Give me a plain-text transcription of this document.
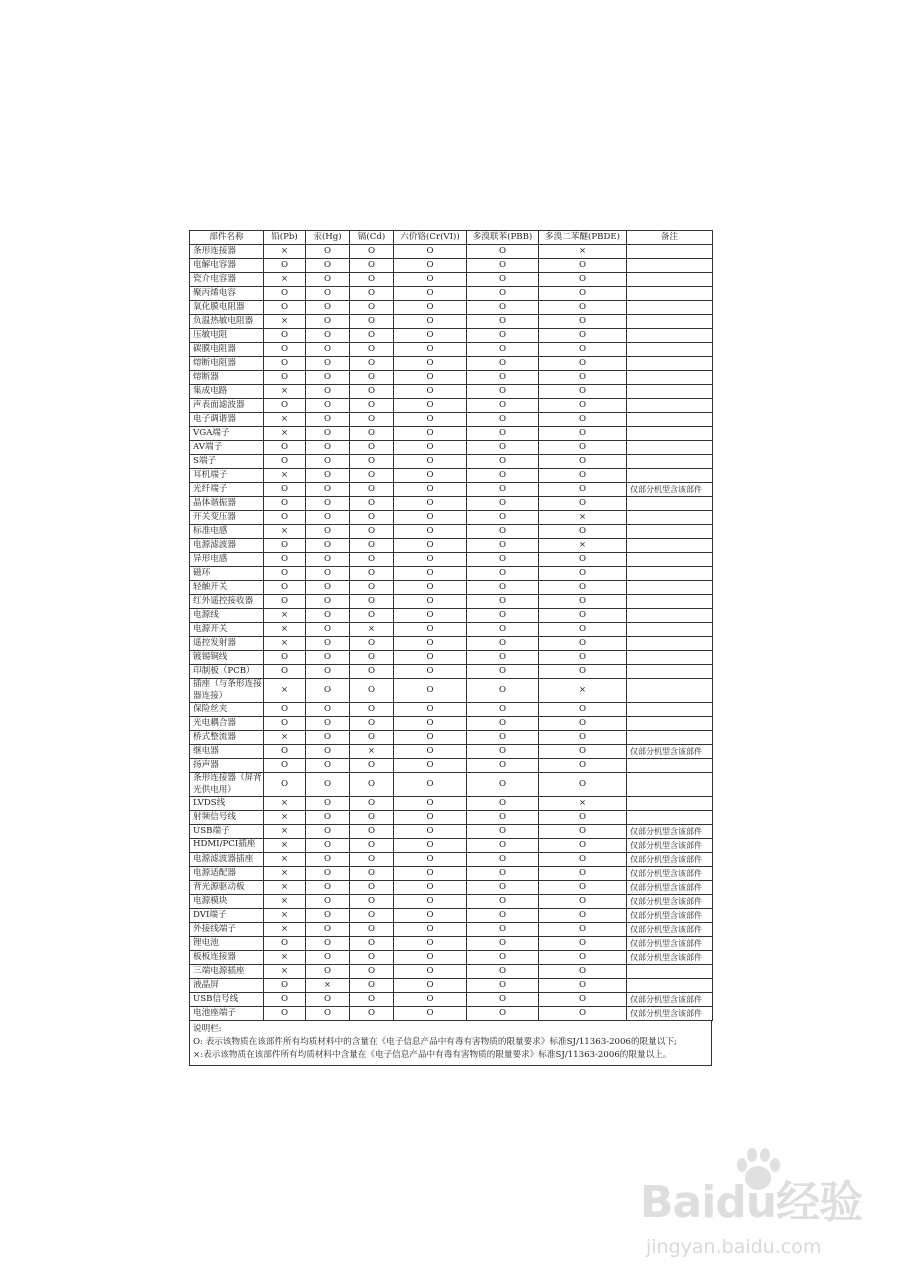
部件名称	铅(Pb)	汞(Hg)	镉(Cd)	六价铬(Cr(VI))	多溴联苯(PBB)	多溴二苯醚(PBDE)	备注
条形连接器	×	O	O	O	O	×	
电解电容器	O	O	O	O	O	O	
瓷介电容器	×	O	O	O	O	O	
聚丙烯电容	O	O	O	O	O	O	
氧化膜电阻器	O	O	O	O	O	O	
负温热敏电阻器	×	O	O	O	O	O	
压敏电阻	O	O	O	O	O	O	
碳膜电阻器	O	O	O	O	O	O	
熔断电阻器	O	O	O	O	O	O	
熔断器	O	O	O	O	O	O	
集成电路	×	O	O	O	O	O	
声表面滤波器	O	O	O	O	O	O	
电子调谐器	×	O	O	O	O	O	
VGA端子	×	O	O	O	O	O	
AV端子	O	O	O	O	O	O	
S端子	O	O	O	O	O	O	
耳机端子	×	O	O	O	O	O	
光纤端子	O	O	O	O	O	O	仅部分机型含该部件
晶体谐振器	O	O	O	O	O	O	
开关变压器	O	O	O	O	O	×	
标准电感	×	O	O	O	O	O	
电源滤波器	O	O	O	O	O	×	
异形电感	O	O	O	O	O	O	
磁环	O	O	O	O	O	O	
轻触开关	O	O	O	O	O	O	
红外遥控接收器	O	O	O	O	O	O	
电源线	×	O	O	O	O	O	
电源开关	×	O	×	O	O	O	
遥控发射器	×	O	O	O	O	O	
镀锡铜线	O	O	O	O	O	O	
印制板（PCB）	O	O	O	O	O	O	
插座（与条形连接器连接）	×	O	O	O	O	×	
保险丝夹	O	O	O	O	O	O	
光电耦合器	O	O	O	O	O	O	
桥式整流器	×	O	O	O	O	O	
继电器	O	O	×	O	O	O	仅部分机型含该部件
扬声器	O	O	O	O	O	O	
条形连接器（屏背光供电用）	O	O	O	O	O	O	
LVDS线	×	O	O	O	O	×	
射频信号线	×	O	O	O	O	O	
USB端子	×	O	O	O	O	O	仅部分机型含该部件
HDMI/PCI插座	×	O	O	O	O	O	仅部分机型含该部件
电源滤波器插座	×	O	O	O	O	O	仅部分机型含该部件
电源适配器	×	O	O	O	O	O	仅部分机型含该部件
背光源驱动板	×	O	O	O	O	O	仅部分机型含该部件
电源模块	×	O	O	O	O	O	仅部分机型含该部件
DVI端子	×	O	O	O	O	O	仅部分机型含该部件
外接线端子	×	O	O	O	O	O	仅部分机型含该部件
锂电池	O	O	O	O	O	O	仅部分机型含该部件
板板连接器	×	O	O	O	O	O	仅部分机型含该部件
三端电源插座	×	O	O	O	O	O	
液晶屏	O	×	O	O	O	O	
USB信号线	O	O	O	O	O	O	仅部分机型含该部件
电池座端子	O	O	O	O	O	O	仅部分机型含该部件
说明栏:
O: 表示该物质在该部件所有均质材料中的含量在《电子信息产品中有毒有害物质的限量要求》标准SJ/11363-2006的限量以下;
×:表示该物质在该部件所有均质材料中含量在《电子信息产品中有毒有害物质的限量要求》标准SJ/11363-2006的限量以上。
Baidu经验
jingyan.baidu.com
